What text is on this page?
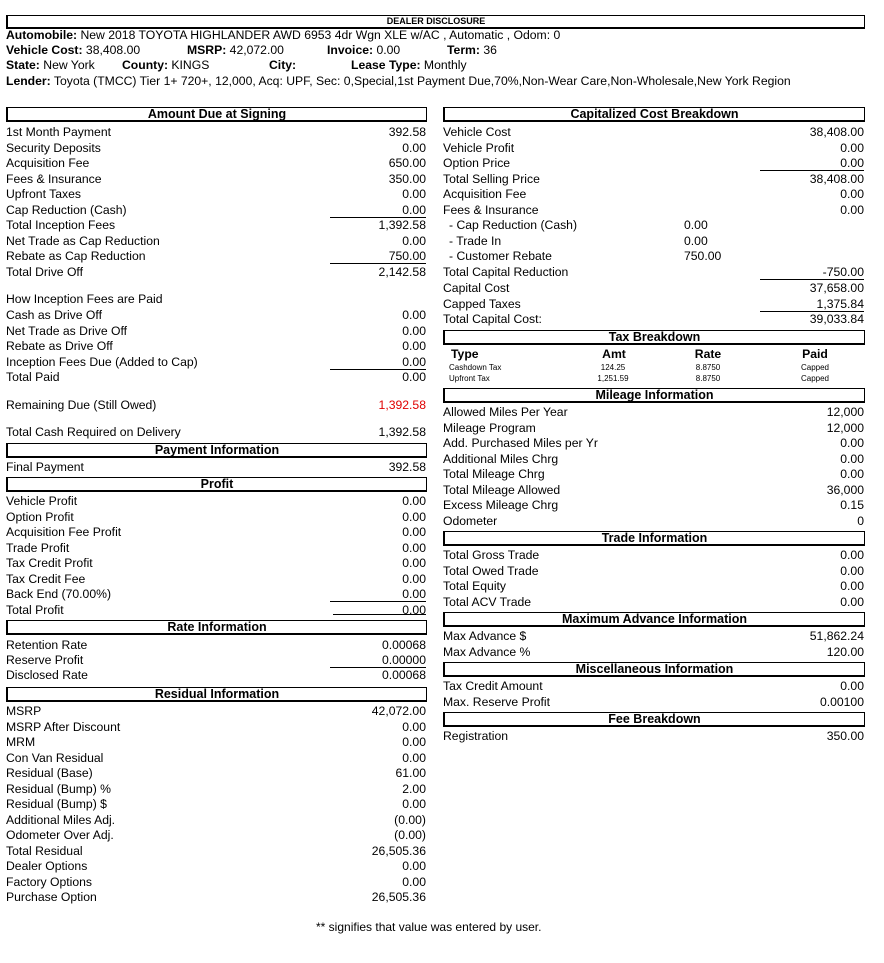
DEALER DISCLOSURE
Automobile: New 2018 TOYOTA HIGHLANDER AWD 6953 4dr Wgn XLE w/AC , Automatic , Odom: 0
Vehicle Cost: 38,408.00	MSRP: 42,072.00	Invoice: 0.00	Term: 36
State: New York County: KINGS	City:	Lease Type: Monthly
Lender: Toyota (TMCC) Tier 1+ 720+, 12,000, Acq: UPF, Sec: 0,Special,1st Payment Due,70%,Non-Wear Care,Non-Wholesale,New York Region
Amount Due at Signing
1st Month Payment	392.58
Security Deposits	0.00
Acquisition Fee	650.00
Fees & Insurance	350.00
Upfront Taxes	0.00
Cap Reduction (Cash)	0.00
Total Inception Fees	1,392.58
Net Trade as Cap Reduction	0.00
Rebate as Cap Reduction	750.00
Total Drive Off	2,142.58
How Inception Fees are Paid
Cash as Drive Off	0.00
Net Trade as Drive Off	0.00
Rebate as Drive Off	0.00
Inception Fees Due (Added to Cap)	0.00
Total Paid	0.00
Remaining Due (Still Owed)	1,392.58
Total Cash Required on Delivery	1,392.58
Payment Information
Final Payment	392.58
Profit
Vehicle Profit	0.00
Option Profit	0.00
Acquisition Fee Profit	0.00
Trade Profit	0.00
Tax Credit Profit	0.00
Tax Credit Fee	0.00
Back End (70.00%)	0.00
Total Profit	0.00
Rate Information
Retention Rate	0.00068
Reserve Profit	0.00000
Disclosed Rate	0.00068
Residual Information
MSRP	42,072.00
MSRP After Discount	0.00
MRM	0.00
Con Van Residual	0.00
Residual (Base)	61.00
Residual (Bump) %	2.00
Residual (Bump) $	0.00
Additional Miles Adj.	(0.00)
Odometer Over Adj.	(0.00)
Total Residual	26,505.36
Dealer Options	0.00
Factory Options	0.00
Purchase Option	26,505.36
Capitalized Cost Breakdown
Vehicle Cost	38,408.00
Vehicle Profit	0.00
Option Price	0.00
Total Selling Price	38,408.00
Acquisition Fee	0.00
Fees & Insurance	0.00
- Cap Reduction (Cash)	0.00
- Trade In	0.00
- Customer Rebate	750.00
Total Capital Reduction	-750.00
Capital Cost	37,658.00
Capped Taxes	1,375.84
Total Capital Cost:	39,033.84
Tax Breakdown
Type	Amt	Rate	Paid
Cashdown Tax	124.25	8.8750	Capped
Upfront Tax	1,251.59	8.8750	Capped
Mileage Information
Allowed Miles Per Year	12,000
Mileage Program	12,000
Add. Purchased Miles per Yr	0.00
Additional Miles Chrg	0.00
Total Mileage Chrg	0.00
Total Mileage Allowed	36,000
Excess Mileage Chrg	0.15
Odometer	0
Trade Information
Total Gross Trade	0.00
Total Owed Trade	0.00
Total Equity	0.00
Total ACV Trade	0.00
Maximum Advance Information
Max Advance $	51,862.24
Max Advance %	120.00
Miscellaneous Information
Tax Credit Amount	0.00
Max. Reserve Profit	0.00100
Fee Breakdown
Registration	350.00
** signifies that value was entered by user.
